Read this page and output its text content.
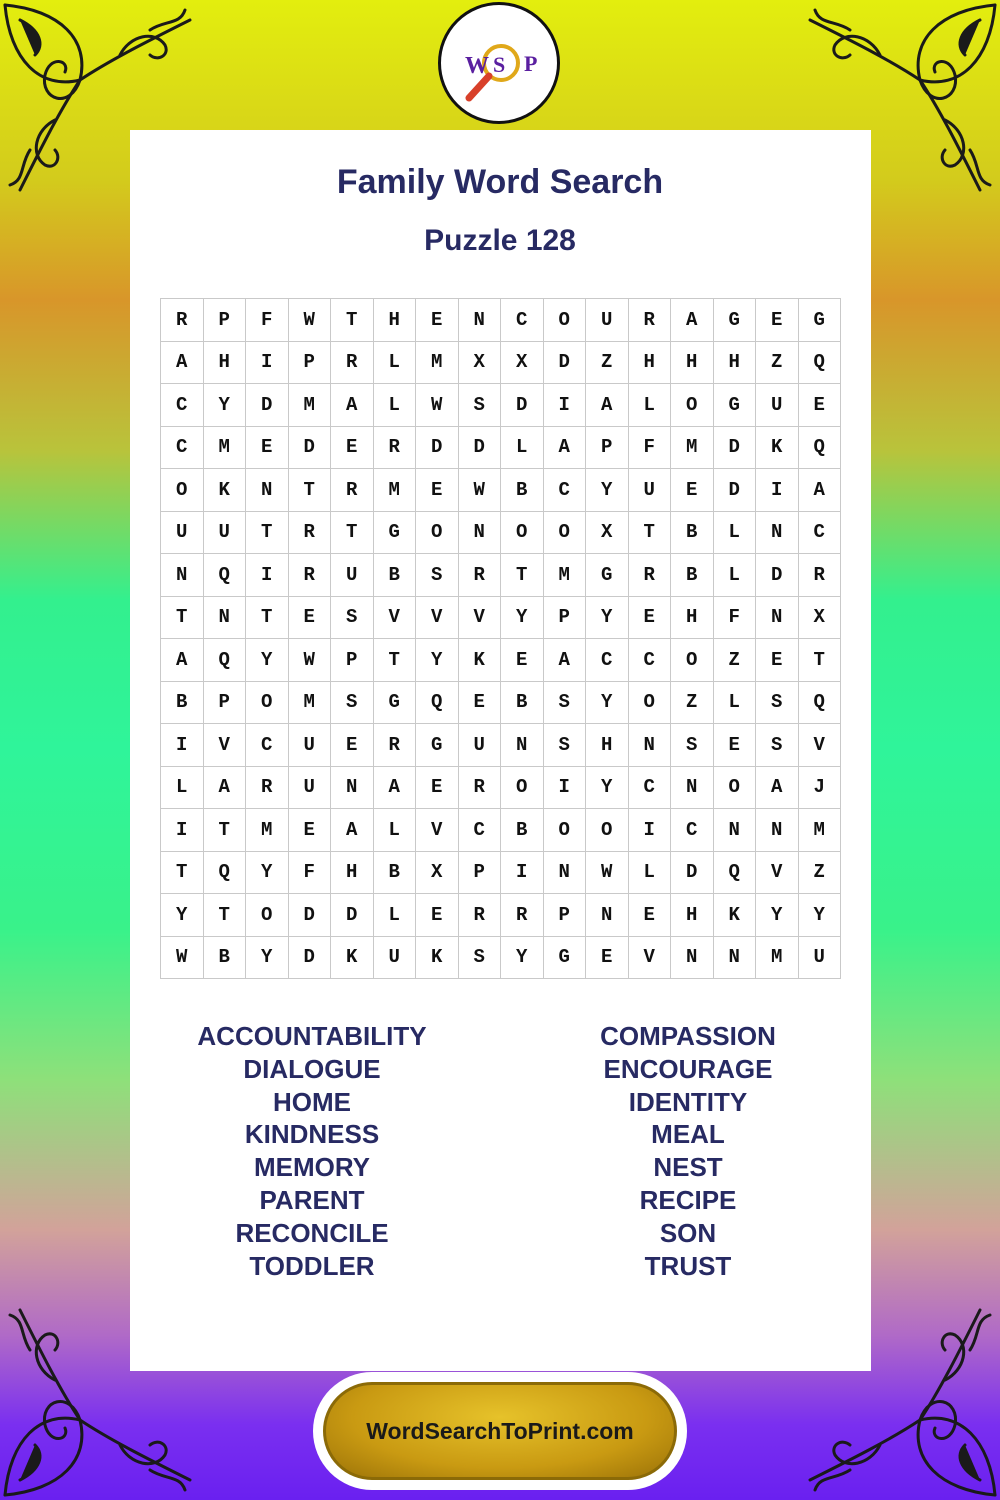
W S P
Family Word Search
Puzzle 128
R	P	F	W	T	H	E	N	C	O	U	R	A	G	E	G
A	H	I	P	R	L	M	X	X	D	Z	H	H	H	Z	Q
C	Y	D	M	A	L	W	S	D	I	A	L	O	G	U	E
C	M	E	D	E	R	D	D	L	A	P	F	M	D	K	Q
O	K	N	T	R	M	E	W	B	C	Y	U	E	D	I	A
U	U	T	R	T	G	O	N	O	O	X	T	B	L	N	C
N	Q	I	R	U	B	S	R	T	M	G	R	B	L	D	R
T	N	T	E	S	V	V	V	Y	P	Y	E	H	F	N	X
A	Q	Y	W	P	T	Y	K	E	A	C	C	O	Z	E	T
B	P	O	M	S	G	Q	E	B	S	Y	O	Z	L	S	Q
I	V	C	U	E	R	G	U	N	S	H	N	S	E	S	V
L	A	R	U	N	A	E	R	O	I	Y	C	N	O	A	J
I	T	M	E	A	L	V	C	B	O	O	I	C	N	N	M
T	Q	Y	F	H	B	X	P	I	N	W	L	D	Q	V	Z
Y	T	O	D	D	L	E	R	R	P	N	E	H	K	Y	Y
W	B	Y	D	K	U	K	S	Y	G	E	V	N	N	M	U
ACCOUNTABILITY
DIALOGUE
HOME
KINDNESS
MEMORY
PARENT
RECONCILE
TODDLER
COMPASSION
ENCOURAGE
IDENTITY
MEAL
NEST
RECIPE
SON
TRUST
WordSearchToPrint.com
